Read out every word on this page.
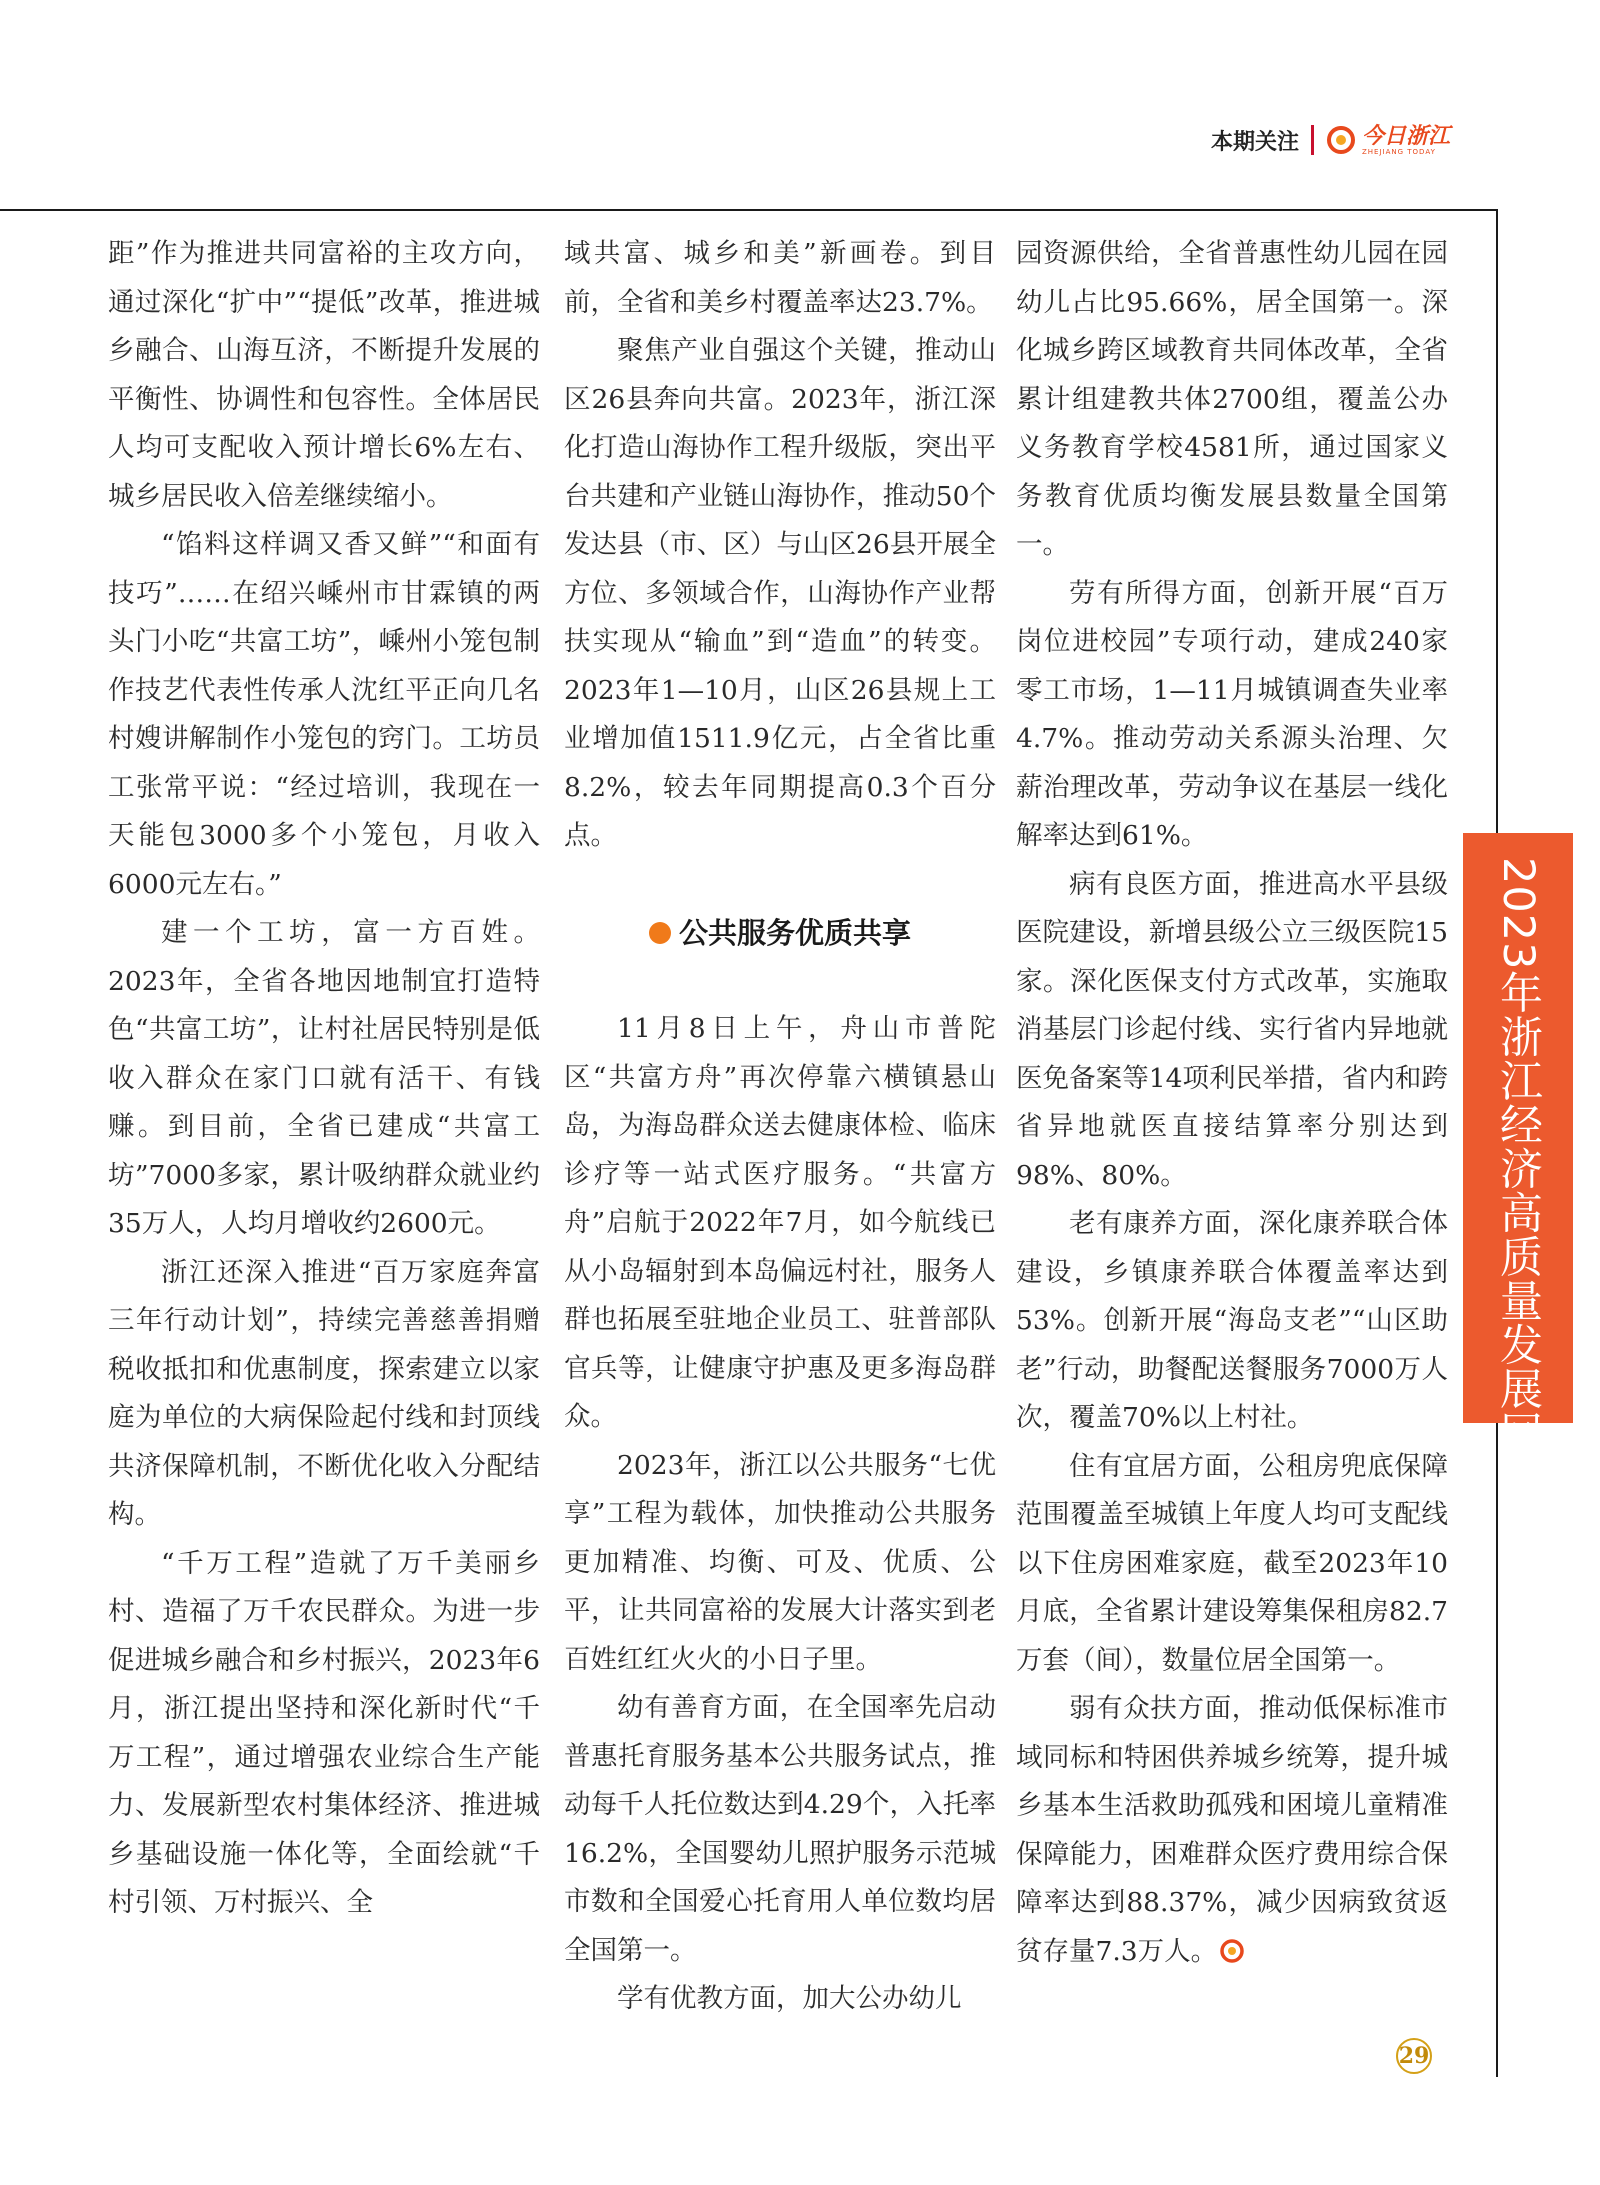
本期关注	今日浙江
ZHEJIANG TODAY

距”作为推进共同富裕的主攻方向，通过深化“扩中”“提低”改革，推进城乡融合、山海互济，不断提升发展的平衡性、协调性和包容性。全体居民人均可支配收入预计增长6%左右、城乡居民收入倍差继续缩小。

“馅料这样调又香又鲜”“和面有技巧”……在绍兴嵊州市甘霖镇的两头门小吃“共富工坊”，嵊州小笼包制作技艺代表性传承人沈红平正向几名村嫂讲解制作小笼包的窍门。工坊员工张常平说：“经过培训，我现在一天能包3000多个小笼包，月收入6000元左右。”

建一个工坊，富一方百姓。2023年，全省各地因地制宜打造特色“共富工坊”，让村社居民特别是低收入群众在家门口就有活干、有钱赚。到目前，全省已建成“共富工坊”7000多家，累计吸纳群众就业约35万人，人均月增收约2600元。

浙江还深入推进“百万家庭奔富三年行动计划”，持续完善慈善捐赠税收抵扣和优惠制度，探索建立以家庭为单位的大病保险起付线和封顶线共济保障机制，不断优化收入分配结构。

“千万工程”造就了万千美丽乡村、造福了万千农民群众。为进一步促进城乡融合和乡村振兴，2023年6月，浙江提出坚持和深化新时代“千万工程”，通过增强农业综合生产能力、发展新型农村集体经济、推进城乡基础设施一体化等，全面绘就“千村引领、万村振兴、全

域共富、城乡和美”新画卷。到目前，全省和美乡村覆盖率达23.7%。

聚焦产业自强这个关键，推动山区26县奔向共富。2023年，浙江深化打造山海协作工程升级版，突出平台共建和产业链山海协作，推动50个发达县（市、区）与山区26县开展全方位、多领域合作，山海协作产业帮扶实现从“输血”到“造血”的转变。2023年1—10月，山区26县规上工业增加值1511.9亿元，占全省比重8.2%，较去年同期提高0.3个百分点。

公共服务优质共享

11月8日上午，舟山市普陀区“共富方舟”再次停靠六横镇悬山岛，为海岛群众送去健康体检、临床诊疗等一站式医疗服务。“共富方舟”启航于2022年7月，如今航线已从小岛辐射到本岛偏远村社，服务人群也拓展至驻地企业员工、驻普部队官兵等，让健康守护惠及更多海岛群众。

2023年，浙江以公共服务“七优享”工程为载体，加快推动公共服务更加精准、均衡、可及、优质、公平，让共同富裕的发展大计落实到老百姓红红火火的小日子里。

幼有善育方面，在全国率先启动普惠托育服务基本公共服务试点，推动每千人托位数达到4.29个，入托率16.2%，全国婴幼儿照护服务示范城市数和全国爱心托育用人单位数均居全国第一。

学有优教方面，加大公办幼儿

园资源供给，全省普惠性幼儿园在园幼儿占比95.66%，居全国第一。深化城乡跨区域教育共同体改革，全省累计组建教共体2700组，覆盖公办义务教育学校4581所，通过国家义务教育优质均衡发展县数量全国第一。

劳有所得方面，创新开展“百万岗位进校园”专项行动，建成240家零工市场，1—11月城镇调查失业率4.7%。推动劳动关系源头治理、欠薪治理改革，劳动争议在基层一线化解率达到61%。

病有良医方面，推进高水平县级医院建设，新增县级公立三级医院15家。深化医保支付方式改革，实施取消基层门诊起付线、实行省内异地就医免备案等14项利民举措，省内和跨省异地就医直接结算率分别达到98%、80%。

老有康养方面，深化康养联合体建设，乡镇康养联合体覆盖率达到53%。创新开展“海岛支老”“山区助老”行动，助餐配送餐服务7000万人次，覆盖70%以上村社。

住有宜居方面，公租房兜底保障范围覆盖至城镇上年度人均可支配线以下住房困难家庭，截至2023年10月底，全省累计建设筹集保租房82.7万套（间），数量位居全国第一。

弱有众扶方面，推动低保标准市域同标和特困供养城乡统筹，提升城乡基本生活救助孤残和困境儿童精准保障能力，困难群众医疗费用综合保障率达到88.37%，减少因病致贫返贫存量7.3万人。

2023年浙江经济高质量发展回眸
29
